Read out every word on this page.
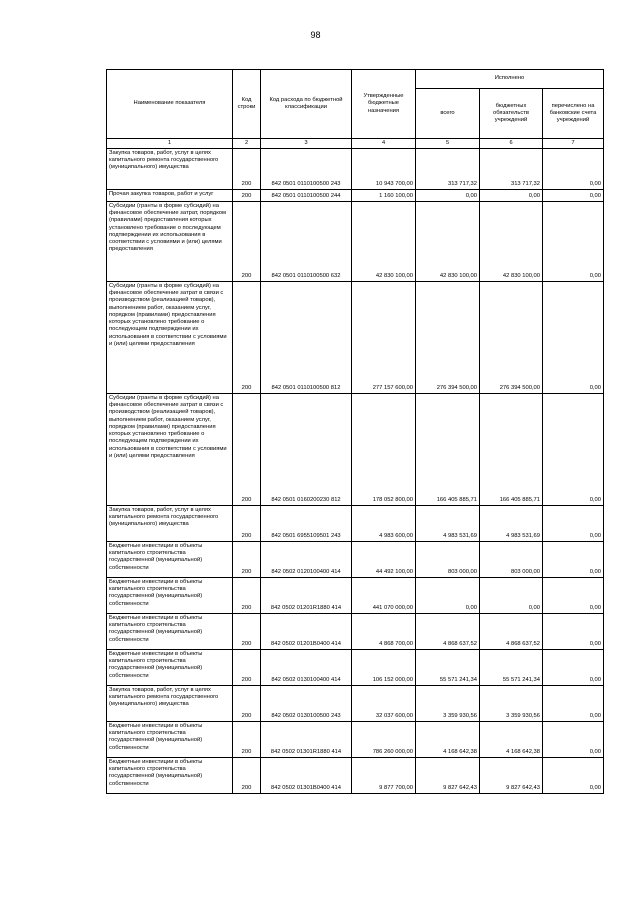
98
Наименование показателя	Код строки	Код расхода по бюджетной классификации	Утвержденные бюджетные назначения	Исполнено		
				всего	бюджетных обязательств учреждений	перечислено на банковские счета учреждений
1	2	3	4	5	6	7
Закупка товаров, работ, услуг в целях капитального ремонта государственного (муниципального) имущества	200	842 0501 0110100500 243	10 943 700,00	313 717,32	313 717,32	0,00
Прочая закупка товаров, работ и услуг	200	842 0501 0110100500 244	1 160 100,00	0,00	0,00	0,00
Субсидии (гранты в форме субсидий) на финансовое обеспечение затрат, порядком (правилами) предоставления которых установлено требование о последующем подтверждении их использования в соответствии с условиями и (или) целями предоставления	200	842 0501 0110100500 632	42 830 100,00	42 830 100,00	42 830 100,00	0,00
Субсидии (гранты в форме субсидий) на финансовое обеспечение затрат в связи с производством (реализацией товаров), выполнением работ, оказанием услуг, порядком (правилами) предоставления которых установлено требование о последующем подтверждении их использования в соответствии с условиями и (или) целями предоставления	200	842 0501 0110100500 812	277 157 600,00	276 394 500,00	276 394 500,00	0,00
Субсидии (гранты в форме субсидий) на финансовое обеспечение затрат в связи с производством (реализацией товаров), выполнением работ, оказанием услуг, порядком (правилами) предоставления которых установлено требование о последующем подтверждении их использования в соответствии с условиями и (или) целями предоставления	200	842 0501 0160200230 812	178 052 800,00	166 405 885,71	166 405 885,71	0,00
Закупка товаров, работ, услуг в целях капитального ремонта государственного (муниципального) имущества	200	842 0501 6955109501 243	4 983 600,00	4 983 531,69	4 983 531,69	0,00
Бюджетные инвестиции в объекты капитального строительства государственной (муниципальной) собственности	200	842 0502 0120100400 414	44 492 100,00	803 000,00	803 000,00	0,00
Бюджетные инвестиции в объекты капитального строительства государственной (муниципальной) собственности	200	842 0502 01201R1880 414	441 070 000,00	0,00	0,00	0,00
Бюджетные инвестиции в объекты капитального строительства государственной (муниципальной) собственности	200	842 0502 01201B0400 414	4 868 700,00	4 868 637,52	4 868 637,52	0,00
Бюджетные инвестиции в объекты капитального строительства государственной (муниципальной) собственности	200	842 0502 0130100400 414	106 152 000,00	55 571 241,34	55 571 241,34	0,00
Закупка товаров, работ, услуг в целях капитального ремонта государственного (муниципального) имущества	200	842 0502 0130100500 243	32 037 600,00	3 359 930,56	3 359 930,56	0,00
Бюджетные инвестиции в объекты капитального строительства государственной (муниципальной) собственности	200	842 0502 01301R1880 414	786 260 000,00	4 168 642,38	4 168 642,38	0,00
Бюджетные инвестиции в объекты капитального строительства государственной (муниципальной) собственности	200	842 0502 01301B0400 414	9 877 700,00	9 827 642,43	9 827 642,43	0,00
